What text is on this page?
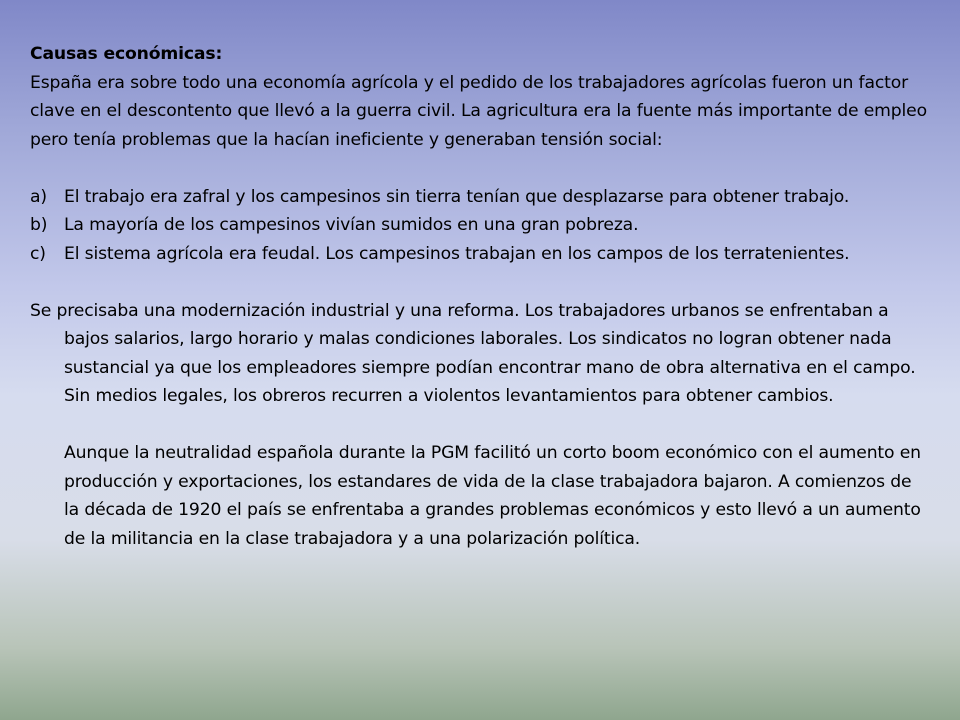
Causas económicas:

España era sobre todo una economía agrícola y el pedido de los trabajadores agrícolas fueron un factor clave en el descontento que llevó a la guerra civil. La agricultura era la fuente más importante de empleo pero tenía problemas que la hacían ineficiente y generaban tensión social:

a) El trabajo era zafral y los campesinos sin tierra tenían que desplazarse para obtener trabajo.
b) La mayoría de los campesinos vivían sumidos en una gran pobreza.
c) El sistema agrícola era feudal. Los campesinos trabajan en los campos de los terratenientes.

Se precisaba una modernización industrial y una reforma. Los trabajadores urbanos se enfrentaban a bajos salarios, largo horario y malas condiciones laborales. Los sindicatos no logran obtener nada sustancial ya que los empleadores siempre podían encontrar mano de obra alternativa en el campo. Sin medios legales, los obreros recurren a violentos levantamientos para obtener cambios.

Aunque la neutralidad española durante la PGM facilitó un corto boom económico con el aumento en producción y exportaciones, los estandares de vida de la clase trabajadora bajaron. A comienzos de la década de 1920 el país se enfrentaba a grandes problemas económicos y esto llevó a un aumento de la militancia en la clase trabajadora y a una polarización política.
